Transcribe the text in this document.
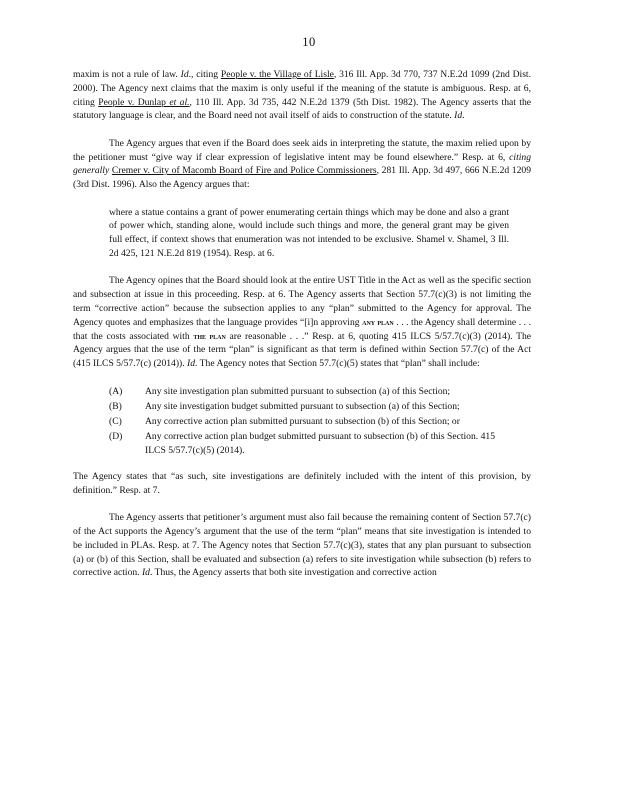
10

maxim is not a rule of law. Id., citing People v. the Village of Lisle, 316 Ill. App. 3d 770, 737 N.E.2d 1099 (2nd Dist. 2000). The Agency next claims that the maxim is only useful if the meaning of the statute is ambiguous. Resp. at 6, citing People v. Dunlap et al., 110 Ill. App. 3d 735, 442 N.E.2d 1379 (5th Dist. 1982). The Agency asserts that the statutory language is clear, and the Board need not avail itself of aids to construction of the statute. Id.

The Agency argues that even if the Board does seek aids in interpreting the statute, the maxim relied upon by the petitioner must “give way if clear expression of legislative intent may be found elsewhere.” Resp. at 6, citing generally Cremer v. City of Macomb Board of Fire and Police Commissioners, 281 Ill. App. 3d 497, 666 N.E.2d 1209 (3rd Dist. 1996). Also the Agency argues that:

where a statue contains a grant of power enumerating certain things which may be done and also a grant of power which, standing alone, would include such things and more, the general grant may be given full effect, if context shows that enumeration was not intended to be exclusive. Shamel v. Shamel, 3 Ill. 2d 425, 121 N.E.2d 819 (1954). Resp. at 6.

The Agency opines that the Board should look at the entire UST Title in the Act as well as the specific section and subsection at issue in this proceeding. Resp. at 6. The Agency asserts that Section 57.7(c)(3) is not limiting the term “corrective action” because the subsection applies to any “plan” submitted to the Agency for approval. The Agency quotes and emphasizes that the language provides “[i]n approving any plan . . . the Agency shall determine . . . that the costs associated with the plan are reasonable . . .” Resp. at 6, quoting 415 ILCS 5/57.7(c)(3) (2014). The Agency argues that the use of the term “plan” is significant as that term is defined within Section 57.7(c) of the Act (415 ILCS 5/57.7(c) (2014)). Id. The Agency notes that Section 57.7(c)(5) states that “plan” shall include:

(A)	Any site investigation plan submitted pursuant to subsection (a) of this Section;
(B)	Any site investigation budget submitted pursuant to subsection (a) of this Section;
(C)	Any corrective action plan submitted pursuant to subsection (b) of this Section; or
(D)	Any corrective action plan budget submitted pursuant to subsection (b) of this Section. 415 ILCS 5/57.7(c)(5) (2014).

The Agency states that “as such, site investigations are definitely included with the intent of this provision, by definition.” Resp. at 7.

The Agency asserts that petitioner’s argument must also fail because the remaining content of Section 57.7(c) of the Act supports the Agency’s argument that the use of the term “plan” means that site investigation is intended to be included in PLAs. Resp. at 7. The Agency notes that Section 57.7(c)(3), states that any plan pursuant to subsection (a) or (b) of this Section, shall be evaluated and subsection (a) refers to site investigation while subsection (b) refers to corrective action. Id. Thus, the Agency asserts that both site investigation and corrective action
